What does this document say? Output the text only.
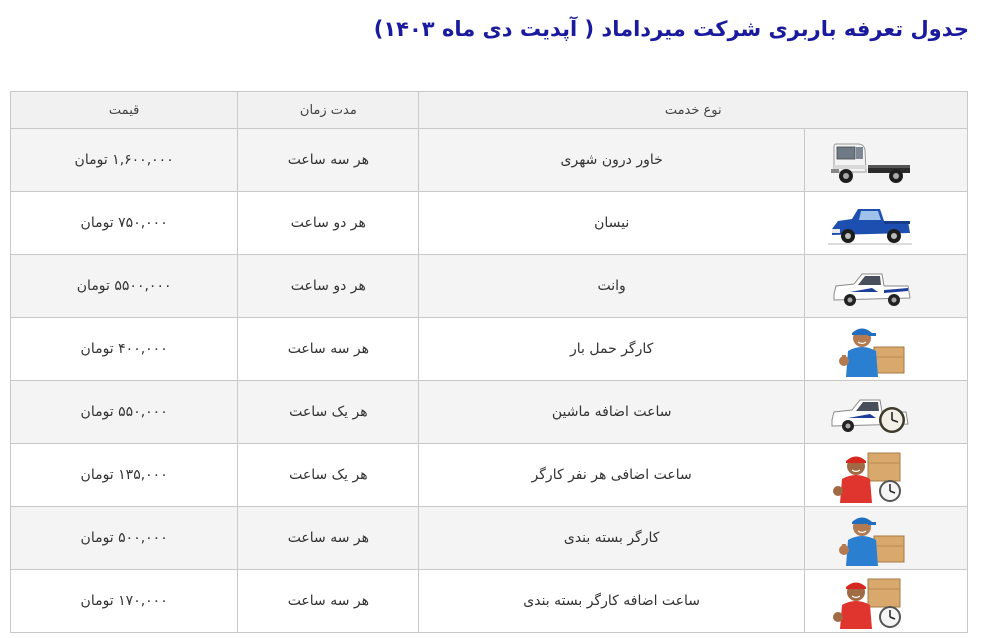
جدول تعرفه باربری شرکت میرداماد ( آپدیت دی ماه ۱۴۰۳)
نوع خدمت		مدت زمان	قیمت

	خاور درون شهری	هر سه ساعت	۱,۶۰۰,۰۰۰ تومان

	نیسان	هر دو ساعت	۷۵۰,۰۰۰ تومان

	وانت	هر دو ساعت	۵۵۰۰,۰۰۰ تومان

	کارگر حمل بار	هر سه ساعت	۴۰۰,۰۰۰ تومان

	ساعت اضافه ماشین	هر یک ساعت	۵۵۰,۰۰۰ تومان

	ساعت اضافی هر نفر کارگر	هر یک ساعت	۱۳۵,۰۰۰ تومان

	کارگر بسته بندی	هر سه ساعت	۵۰۰,۰۰۰ تومان

	ساعت اضافه کارگر بسته بندی	هر سه ساعت	۱۷۰,۰۰۰ تومان
